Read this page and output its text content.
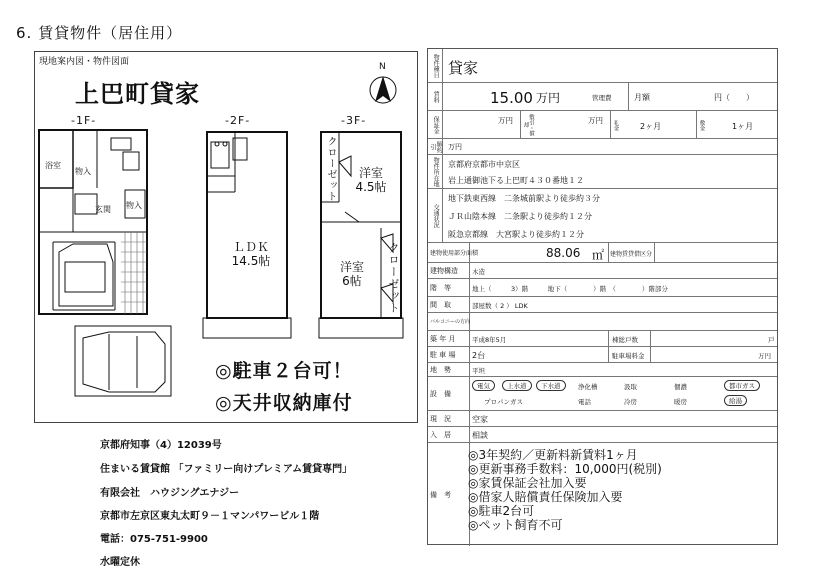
6. 賃貸物件（居住用）
現地案内図・物件図面
上巴町貸家
N
-1F-	-2F-	-3F-
浴室
物入
玄関 物入
ＬＤＫ
14.5帖
洋室
4.5帖
洋室
6帖
クローゼット
クローゼット
◎駐車２台可！
◎天井収納庫付
京都府知事（4）12039号
住まいる賃貸館 「ファミリー向けプレミアム賃貸専門」
有限会社　ハウジングエナジー
京都市左京区東丸太町９－１マンパワービル１階
電話：075-751-9900
水曜定休
物件種目 貸家
賃料	15.00 万円	管理費	月額	円（　　）
保証金	万円	敷引・償却	万円 礼金	2ヶ月	敷金	1ヶ月
解約引	万円
物件所在地	京都府京都市中京区
岩上通御池下る上巴町４３０番地１２
交通状況
地下鉄東西線　二条城前駅より徒歩約３分
ＪＲ山陰本線　二条駅より徒歩約１２分
阪急京都線　大宮駅より徒歩約１２分
建物使用部分面積	88.06 ㎡ 建物賃貸借区分
建物構造	木造
階　等	地上（　　　3）階　　　地下（　　　　）階　（　　　　）階部分
間　取	部屋数（ 2 ） LDK
バルコニーの方向
築 年 月	平成8年5月	棟総戸数	戸
駐 車 場	2台	駐車場料金	万円
地　勢	平坦
設　備
電気	上水道	下水道	浄化槽	汲取	個濃	都市ガス
プロパンガス	電話	冷房	暖房	給湯
現　況	空家
入　居	相談
備　考
◎3年契約／更新料新賃料1ヶ月
◎更新事務手数料：10,000円(税別)
◎家賃保証会社加入要
◎借家人賠償責任保険加入要
◎駐車2台可
◎ペット飼育不可
